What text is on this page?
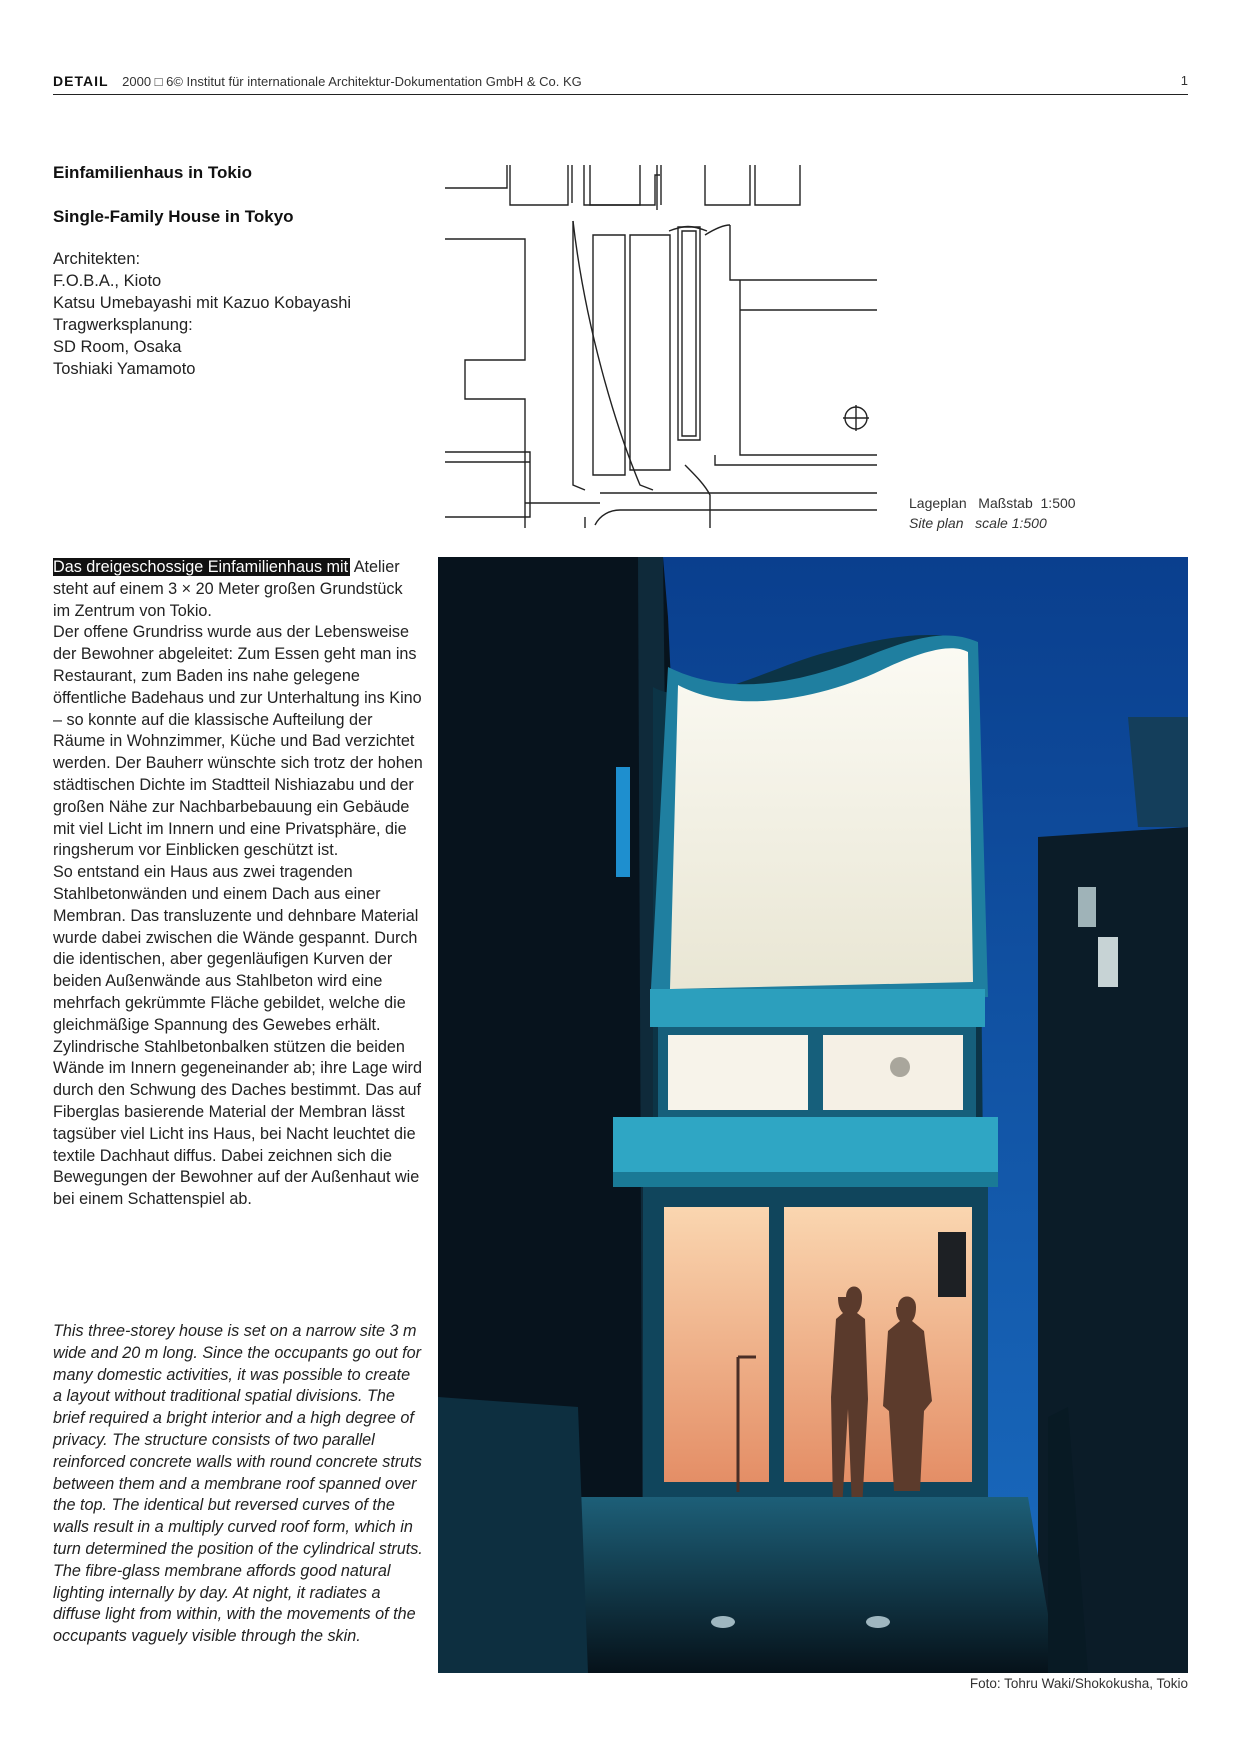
DETAIL 2000 □ 6© Institut für internationale Architektur-Dokumentation GmbH & Co. KG	1
Einfamilienhaus in Tokio
Single-Family House in Tokyo
Architekten:
F.O.B.A., Kioto
Katsu Umebayashi mit Kazuo Kobayashi
Tragwerksplanung:
SD Room, Osaka
Toshiaki Yamamoto
Lageplan   Maßstab  1:500
Site plan   scale 1:500

Das dreigeschossige Einfamilienhaus mit Atelier steht auf einem 3 × 20 Meter großen Grundstück im Zentrum von Tokio.

Der offene Grundriss wurde aus der Lebensweise der Bewohner abgeleitet: Zum Essen geht man ins Restaurant, zum Baden ins nahe gelegene öffentliche Badehaus und zur Unterhaltung ins Kino – so konnte auf die klassische Aufteilung der Räume in Wohnzimmer, Küche und Bad verzichtet werden. Der Bauherr wünschte sich trotz der hohen städtischen Dichte im Stadtteil Nishiazabu und der großen Nähe zur Nachbarbebauung ein Gebäude mit viel Licht im Innern und eine Privatsphäre, die ringsherum vor Einblicken geschützt ist.

So entstand ein Haus aus zwei tragenden Stahlbetonwänden und einem Dach aus einer Membran. Das transluzente und dehnbare Material wurde dabei zwischen die Wände gespannt. Durch die identischen, aber gegenläufigen Kurven der beiden Außenwände aus Stahlbeton wird eine mehrfach gekrümmte Fläche gebildet, welche die gleichmäßige Spannung des Gewebes erhält. Zylindrische Stahlbetonbalken stützen die beiden Wände im Innern gegeneinander ab; ihre Lage wird durch den Schwung des Daches bestimmt. Das auf Fiberglas basierende Material der Membran lässt tagsüber viel Licht ins Haus, bei Nacht leuchtet die textile Dachhaut diffus. Dabei zeichnen sich die Bewegungen der Bewohner auf der Außenhaut wie bei einem Schattenspiel ab.

This three-storey house is set on a narrow site 3 m wide and 20 m long. Since the occupants go out for many domestic activities, it was possible to create a layout without traditional spatial divisions. The brief required a bright interior and a high degree of privacy. The structure consists of two parallel reinforced concrete walls with round concrete struts between them and a membrane roof spanned over the top. The identical but reversed curves of the walls result in a multiply curved roof form, which in turn determined the position of the cylindrical struts. The fibre-glass membrane affords good natural lighting internally by day. At night, it radiates a diffuse light from within, with the movements of the occupants vaguely visible through the skin.

Foto: Tohru Waki/Shokokusha, Tokio
